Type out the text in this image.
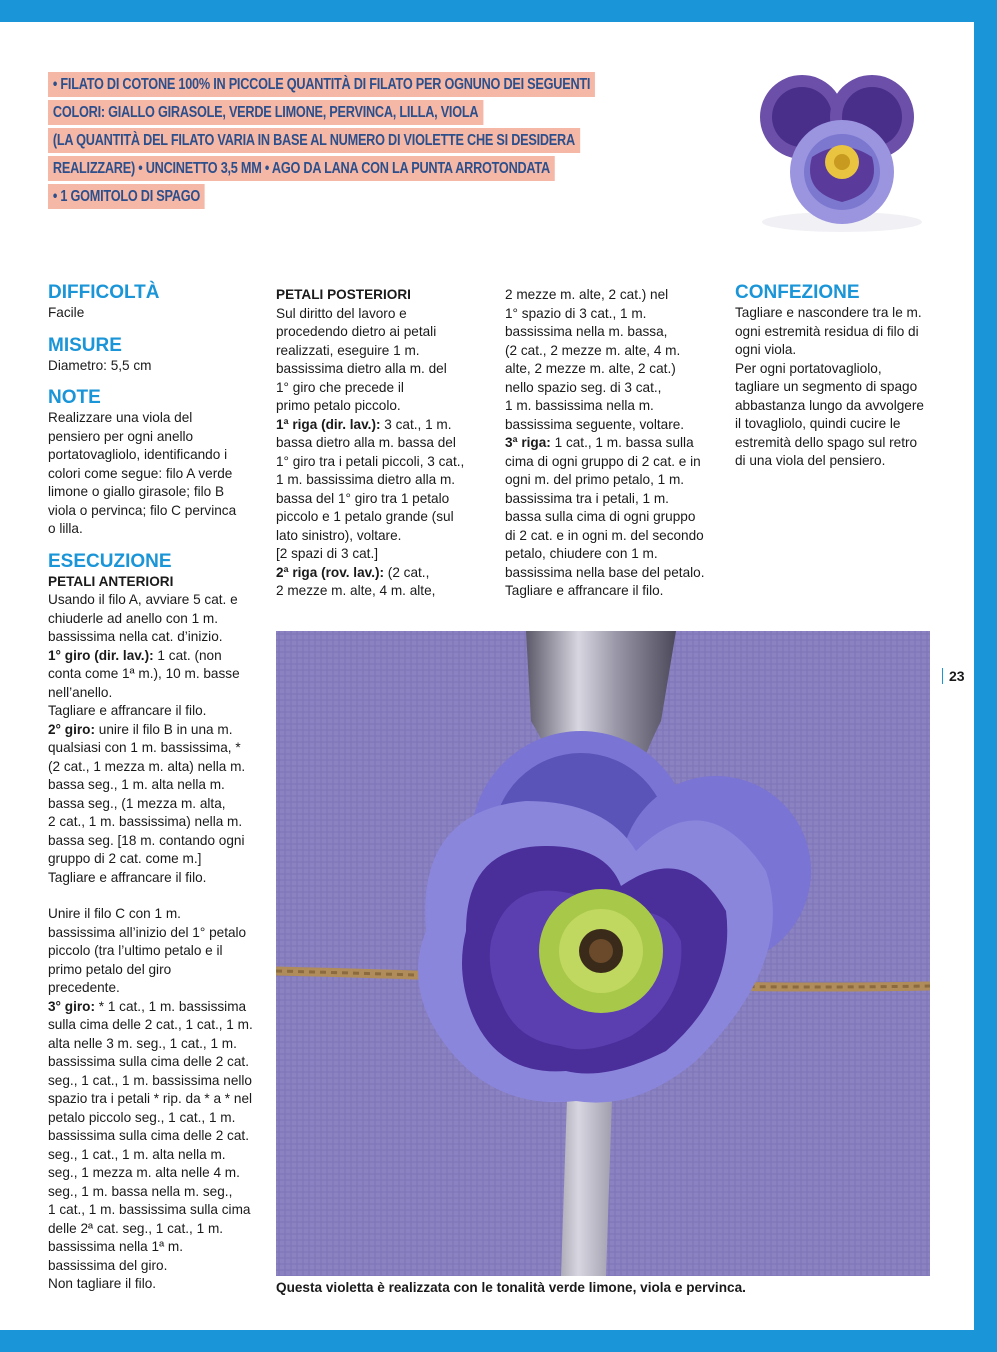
• FILATO DI COTONE 100% IN PICCOLE QUANTITÀ DI FILATO PER OGNUNO DEI SEGUENTI
COLORI: GIALLO GIRASOLE, VERDE LIMONE, PERVINCA, LILLA, VIOLA
(LA QUANTITÀ DEL FILATO VARIA IN BASE AL NUMERO DI VIOLETTE CHE SI DESIDERA
REALIZZARE) • UNCINETTO 3,5 MM • AGO DA LANA CON LA PUNTA ARROTONDATA
• 1 GOMITOLO DI SPAGO

DIFFICOLTÀ

Facile

MISURE

Diametro: 5,5 cm

NOTE

Realizzare una viola del

pensiero per ogni anello

portatovagliolo, identificando i

colori come segue: filo A verde

limone o giallo girasole; filo B

viola o pervinca; filo C pervinca

o lilla.

ESECUZIONE

PETALI ANTERIORI

Usando il filo A, avviare 5 cat. e

chiuderle ad anello con 1 m.

bassissima nella cat. d’inizio.

1° giro (dir. lav.): 1 cat. (non

conta come 1ª m.), 10 m. basse

nell’anello.

Tagliare e affrancare il filo.

2° giro: unire il filo B in una m.

qualsiasi con 1 m. bassissima, *

(2 cat., 1 mezza m. alta) nella m.

bassa seg., 1 m. alta nella m.

bassa seg., (1 mezza m. alta,

2 cat., 1 m. bassissima) nella m.

bassa seg. [18 m. contando ogni

gruppo di 2 cat. come m.]

Tagliare e affrancare il filo.

Unire il filo C con 1 m.

bassissima all’inizio del 1° petalo

piccolo (tra l’ultimo petalo e il

primo petalo del giro

precedente.

3° giro: * 1 cat., 1 m. bassissima

sulla cima delle 2 cat., 1 cat., 1 m.

alta nelle 3 m. seg., 1 cat., 1 m.

bassissima sulla cima delle 2 cat.

seg., 1 cat., 1 m. bassissima nello

spazio tra i petali * rip. da * a * nel

petalo piccolo seg., 1 cat., 1 m.

bassissima sulla cima delle 2 cat.

seg., 1 cat., 1 m. alta nella m.

seg., 1 mezza m. alta nelle 4 m.

seg., 1 m. bassa nella m. seg.,

1 cat., 1 m. bassissima sulla cima

delle 2ª cat. seg., 1 cat., 1 m.

bassissima nella 1ª m.

bassissima del giro.

Non tagliare il filo.

PETALI POSTERIORI

Sul diritto del lavoro e

procedendo dietro ai petali

realizzati, eseguire 1 m.

bassissima dietro alla m. del

1° giro che precede il

primo petalo piccolo.

1ª riga (dir. lav.): 3 cat., 1 m.

bassa dietro alla m. bassa del

1° giro tra i petali piccoli, 3 cat.,

1 m. bassissima dietro alla m.

bassa del 1° giro tra 1 petalo

piccolo e 1 petalo grande (sul

lato sinistro), voltare.

[2 spazi di 3 cat.]

2ª riga (rov. lav.): (2 cat.,

2 mezze m. alte, 4 m. alte,

2 mezze m. alte, 2 cat.) nel

1° spazio di 3 cat., 1 m.

bassissima nella m. bassa,

(2 cat., 2 mezze m. alte, 4 m.

alte, 2 mezze m. alte, 2 cat.)

nello spazio seg. di 3 cat.,

1 m. bassissima nella m.

bassissima seguente, voltare.

3ª riga: 1 cat., 1 m. bassa sulla

cima di ogni gruppo di 2 cat. e in

ogni m. del primo petalo, 1 m.

bassissima tra i petali, 1 m.

bassa sulla cima di ogni gruppo

di 2 cat. e in ogni m. del secondo

petalo, chiudere con 1 m.

bassissima nella base del petalo.

Tagliare e affrancare il filo.

CONFEZIONE

Tagliare e nascondere tra le m.

ogni estremità residua di filo di

ogni viola.

Per ogni portatovagliolo,

tagliare un segmento di spago

abbastanza lungo da avvolgere

il tovagliolo, quindi cucire le

estremità dello spago sul retro

di una viola del pensiero.

23
Questa violetta è realizzata con le tonalità verde limone, viola e pervinca.
